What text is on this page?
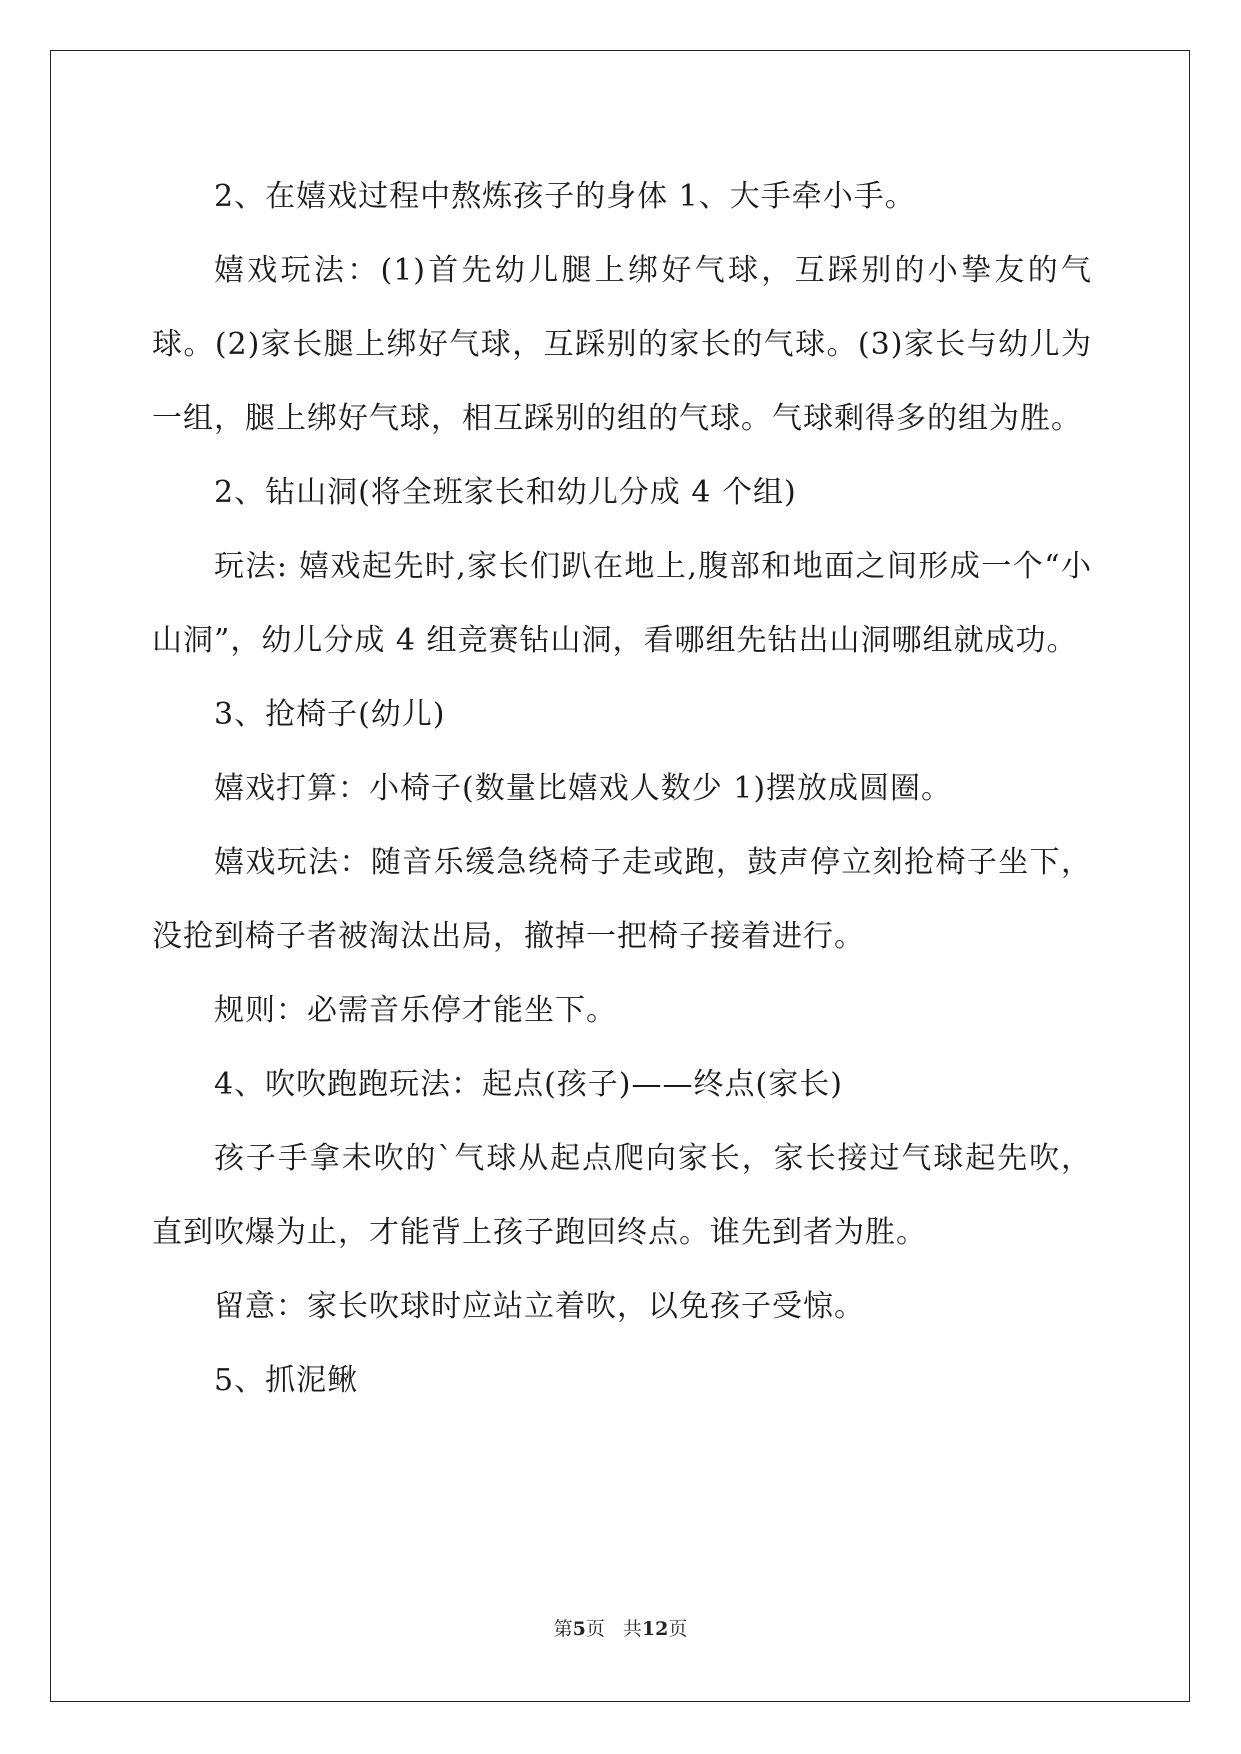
2、在嬉戏过程中熬炼孩子的身体 1、大手牵小手。

嬉戏玩法：(1)首先幼儿腿上绑好气球，互踩别的小挚友的气球。(2)家长腿上绑好气球，互踩别的家长的气球。(3)家长与幼儿为一组，腿上绑好气球，相互踩别的组的气球。气球剩得多的组为胜。

2、钻山洞(将全班家长和幼儿分成 4 个组)

玩法: 嬉戏起先时,家长们趴在地上,腹部和地面之间形成一个“小山洞”，幼儿分成 4 组竞赛钻山洞，看哪组先钻出山洞哪组就成功。

3、抢椅子(幼儿)

嬉戏打算：小椅子(数量比嬉戏人数少 1)摆放成圆圈。

嬉戏玩法：随音乐缓急绕椅子走或跑，鼓声停立刻抢椅子坐下，没抢到椅子者被淘汰出局，撤掉一把椅子接着进行。

规则：必需音乐停才能坐下。

4、吹吹跑跑玩法：起点(孩子)——终点(家长)

孩子手拿未吹的`气球从起点爬向家长，家长接过气球起先吹，直到吹爆为止，才能背上孩子跑回终点。谁先到者为胜。

留意：家长吹球时应站立着吹，以免孩子受惊。

5、抓泥鳅

第5页 共12页
